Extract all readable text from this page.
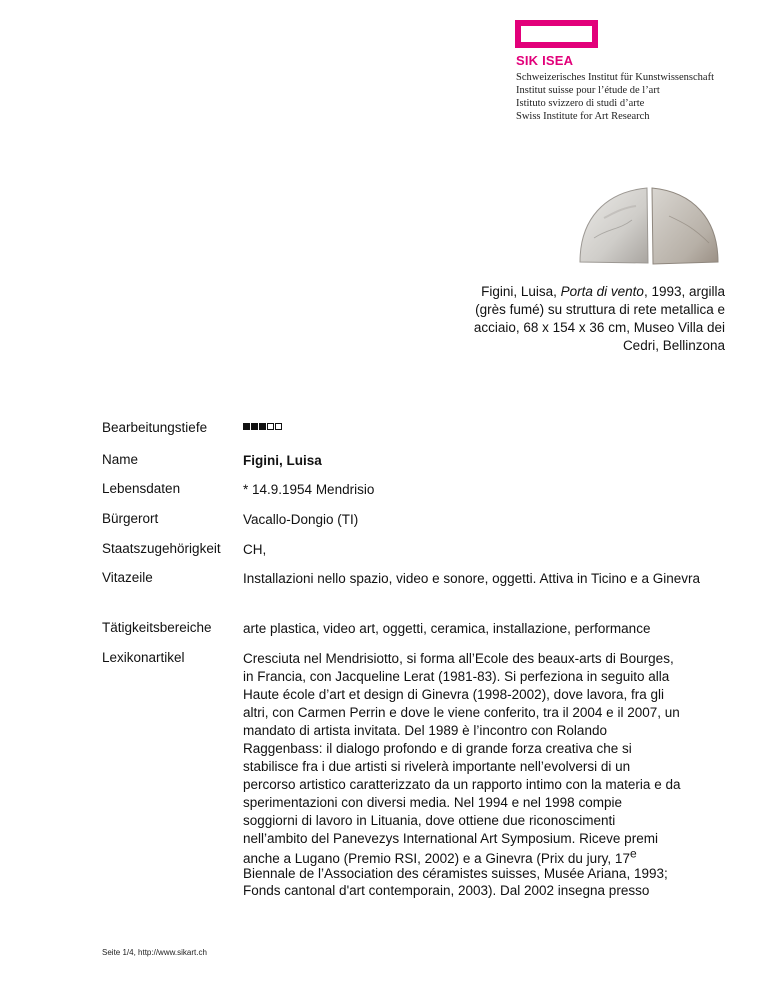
SIK ISEA
Schweizerisches Institut für Kunstwissenschaft
Institut suisse pour l’étude de l’art
Istituto svizzero di studi d’arte
Swiss Institute for Art Research
Figini, Luisa, Porta di vento, 1993, argilla (grès fumé) su struttura di rete metallica e acciaio, 68 x 154 x 36 cm, Museo Villa dei Cedri, Bellinzona
Bearbeitungstiefe
Name	Figini, Luisa
Lebensdaten	* 14.9.1954 Mendrisio
Bürgerort	Vacallo-Dongio (TI)
Staatszugehörigkeit CH,
Vitazeile	Installazioni nello spazio, video e sonore, oggetti. Attiva in Ticino e a Ginevra
Tätigkeitsbereiche arte plastica, video art, oggetti, ceramica, installazione, performance
Lexikonartikel	Cresciuta nel Mendrisiotto, si forma all’Ecole des beaux-arts di Bourges,
in Francia, con Jacqueline Lerat (1981-83). Si perfeziona in seguito alla
Haute école d’art et design di Ginevra (1998-2002), dove lavora, fra gli
altri, con Carmen Perrin e dove le viene conferito, tra il 2004 e il 2007, un
mandato di artista invitata. Del 1989 è l’incontro con Rolando
Raggenbass: il dialogo profondo e di grande forza creativa che si
stabilisce fra i due artisti si rivelerà importante nell’evolversi di un
percorso artistico caratterizzato da un rapporto intimo con la materia e da
sperimentazioni con diversi media. Nel 1994 e nel 1998 compie
soggiorni di lavoro in Lituania, dove ottiene due riconoscimenti
nell’ambito del Panevezys International Art Symposium. Riceve premi
anche a Lugano (Premio RSI, 2002) e a Ginevra (Prix du jury, 17e
Biennale de l’Association des céramistes suisses, Musée Ariana, 1993;
Fonds cantonal d'art contemporain, 2003). Dal 2002 insegna presso
Seite 1/4, http://www.sikart.ch
